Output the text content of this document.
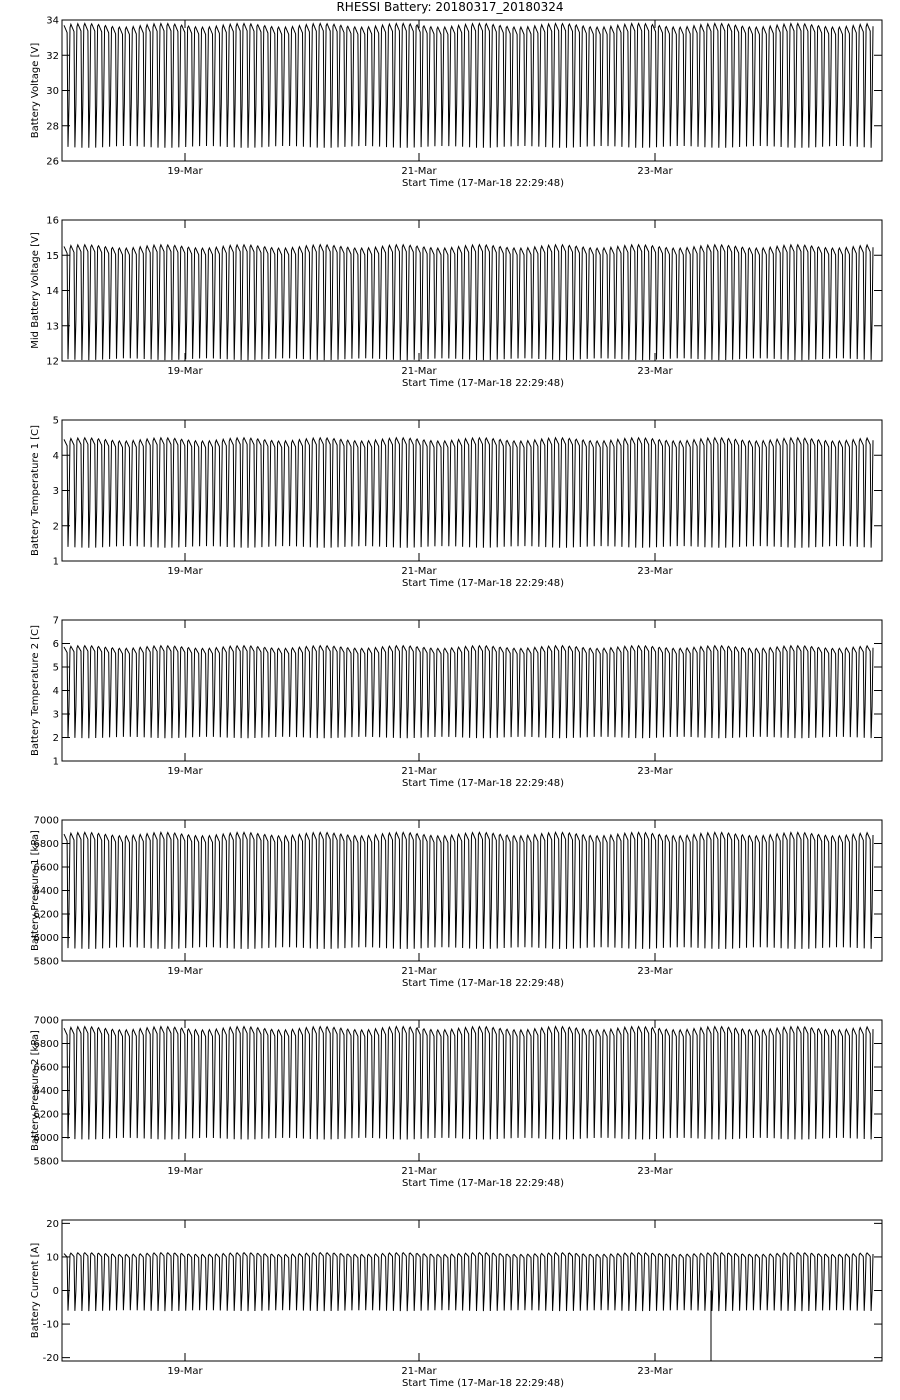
RHESSI Battery: 20180317_20180324
26
28
30
32
34
19-Mar	21-Mar	23-Mar
Start Time (17-Mar-18 22:29:48)
Battery Voltage [V]
12
13
14
15
16
19-Mar	21-Mar	23-Mar
Start Time (17-Mar-18 22:29:48)
Mid Battery Voltage [V]
1
2
3
4
5
19-Mar	21-Mar	23-Mar
Start Time (17-Mar-18 22:29:48)
Battery Temperature 1 [C]
1
2
3
4
5
6
7
19-Mar	21-Mar	23-Mar
Start Time (17-Mar-18 22:29:48)
Battery Temperature 2 [C]
5800
6000
6200
6400
6600
6800
7000
19-Mar	21-Mar	23-Mar
Start Time (17-Mar-18 22:29:48)
Battery Pressure 1 [kPa]
5800
6000
6200
6400
6600
6800
7000
19-Mar	21-Mar	23-Mar
Start Time (17-Mar-18 22:29:48)
Battery Pressure 2 [kPa]
-20
-10
0
10
20
19-Mar	21-Mar	23-Mar
Start Time (17-Mar-18 22:29:48)
Battery Current [A]
